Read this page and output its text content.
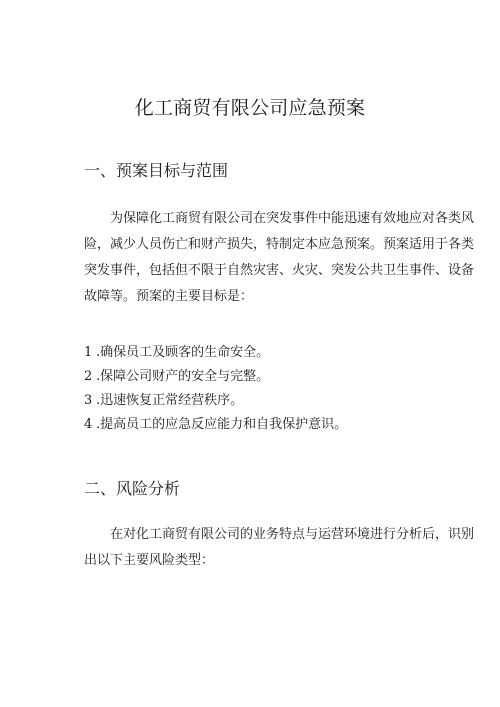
化工商贸有限公司应急预案
一、预案目标与范围
为保障化工商贸有限公司在突发事件中能迅速有效地应对各类风
险，减少人员伤亡和财产损失，特制定本应急预案。预案适用于各类
突发事件，包括但不限于自然灾害、火灾、突发公共卫生事件、设备
故障等。预案的主要目标是：
1 .确保员工及顾客的生命安全。
2 .保障公司财产的安全与完整。
3 .迅速恢复正常经营秩序。
4 .提高员工的应急反应能力和自我保护意识。
二、风险分析
在对化工商贸有限公司的业务特点与运营环境进行分析后，识别
出以下主要风险类型：
